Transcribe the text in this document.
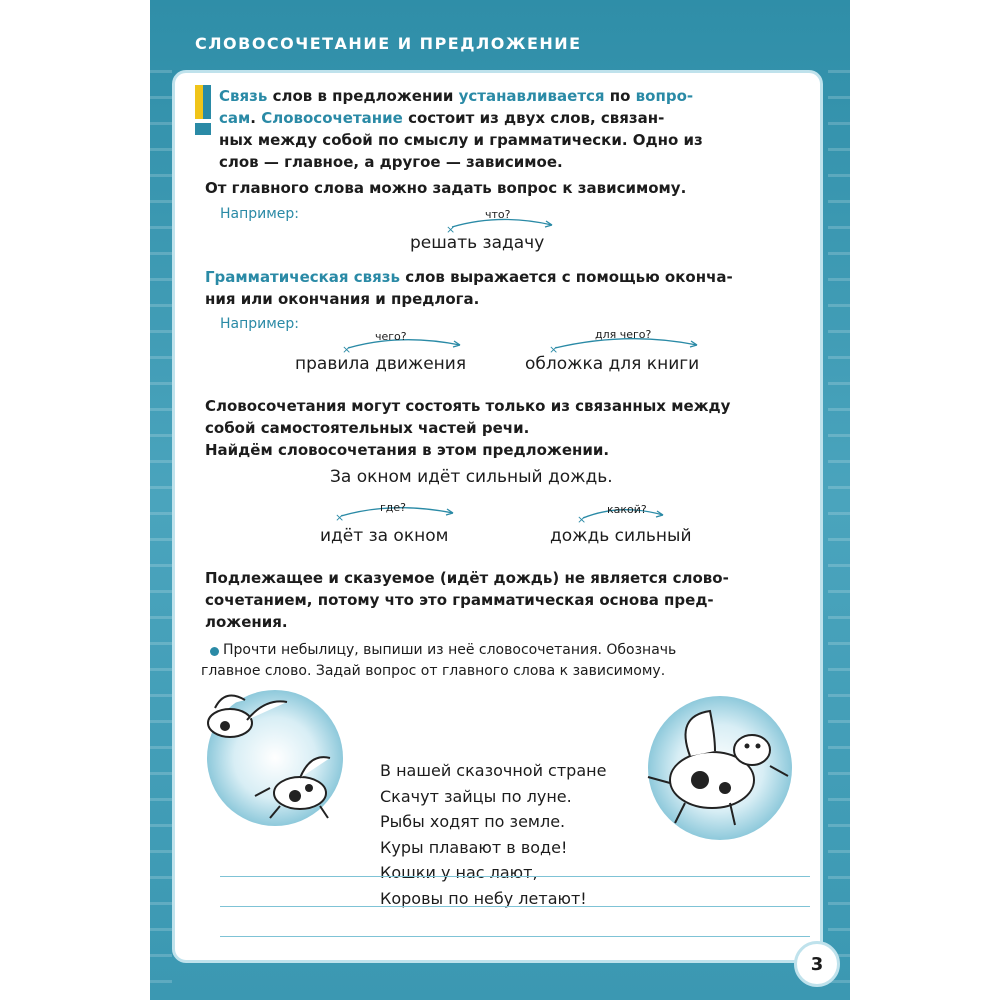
СЛОВОСОЧЕТАНИЕ И ПРЕДЛОЖЕНИЕ
Связь слов в предложении устанавливается по вопро-
сам. Словосочетание состоит из двух слов, связан-
ных между собой по смыслу и грамматически. Одно из
слов — главное, а другое — зависимое.
От главного слова можно задать вопрос к зависимому.
Например:
×
что?
решать задачу
Грамматическая связь слов выражается с помощью оконча-
ния или окончания и предлога.
Например:
×
чего?
правила движения
×
для чего?
обложка для книги
Словосочетания могут состоять только из связанных между
собой самостоятельных частей речи.
Найдём словосочетания в этом предложении.
За окном идёт сильный дождь.
×
где?
идёт за окном
×
какой?
дождь сильный
Подлежащее и сказуемое (идёт дождь) не является слово-
сочетанием, потому что это грамматическая основа пред-
ложения.
Прочти небылицу, выпиши из неё словосочетания. Обозначь
главное слово. Задай вопрос от главного слова к зависимому.
В нашей сказочной стране
Скачут зайцы по луне.
Рыбы ходят по земле.
Куры плавают в воде!
Кошки у нас лают,
Коровы по небу летают!
3
